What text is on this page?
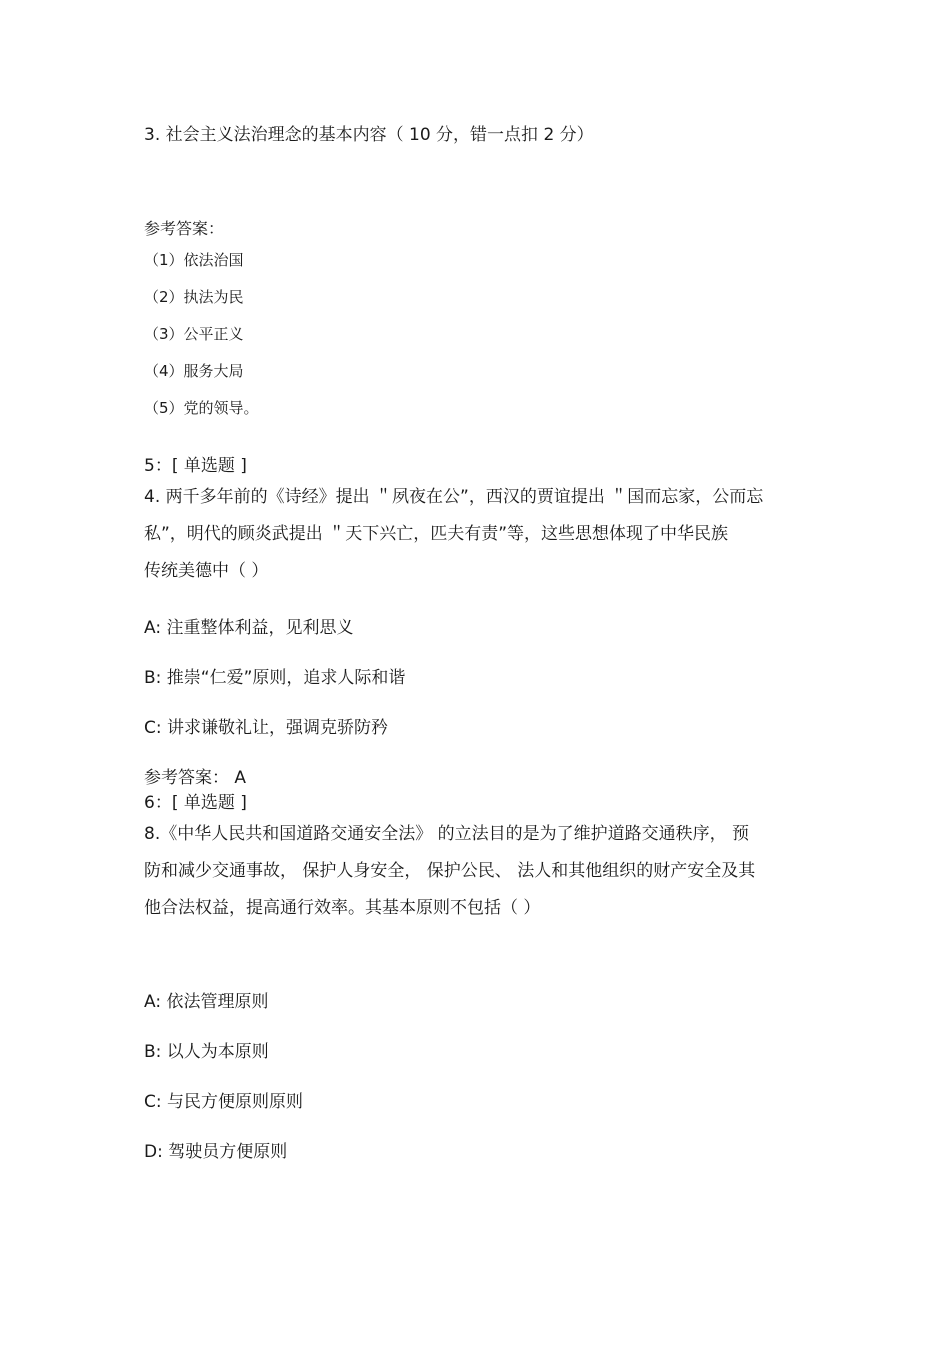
3. 社会主义法治理念的基本内容（ 10 分，错一点扣 2 分）
参考答案：
（1）依法治国
（2）执法为民
（3）公平正义
（4）服务大局
（5）党的领导。
5：[ 单选题 ]
4. 两千多年前的《诗经》提出 ＂夙夜在公”，西汉的贾谊提出 ＂国而忘家，公而忘
私”，明代的顾炎武提出 ＂天下兴亡，匹夫有责”等，这些思想体现了中华民族
传统美德中（ ）
A: 注重整体利益，见利思义
B: 推崇“仁爱”原则，追求人际和谐
C: 讲求谦敬礼让，强调克骄防矜
参考答案： A
6：[ 单选题 ]
8.《中华人民共和国道路交通安全法》 的立法目的是为了维护道路交通秩序， 预
防和减少交通事故， 保护人身安全， 保护公民、 法人和其他组织的财产安全及其
他合法权益，提高通行效率。其基本原则不包括（ ）
A: 依法管理原则
B: 以人为本原则
C: 与民方便原则原则
D: 驾驶员方便原则
